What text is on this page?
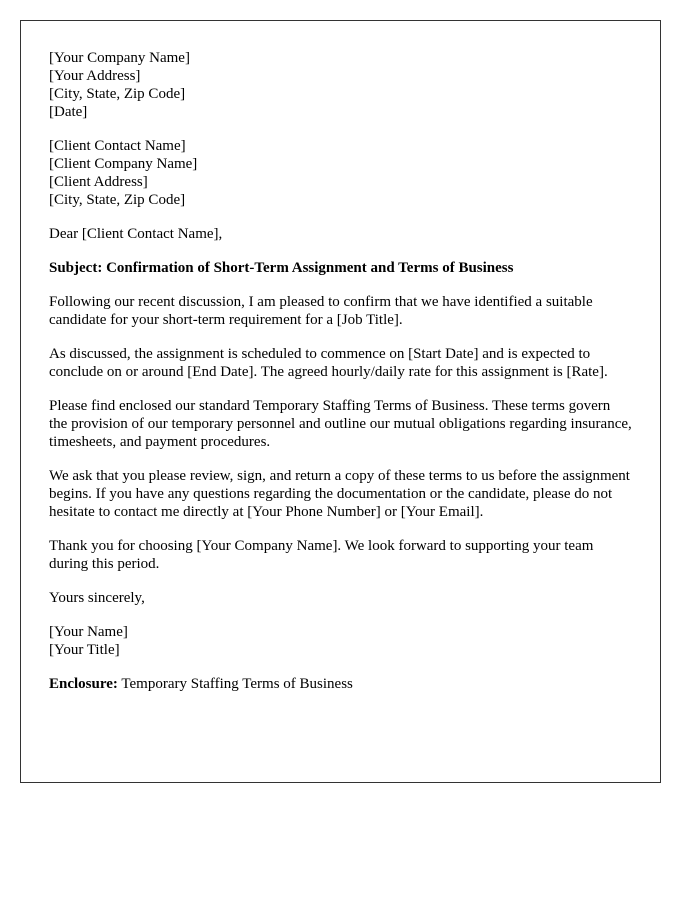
[Your Company Name]
[Your Address]
[City, State, Zip Code]
[Date]

[Client Contact Name]
[Client Company Name]
[Client Address]
[City, State, Zip Code]

Dear [Client Contact Name],

Subject: Confirmation of Short-Term Assignment and Terms of Business

Following our recent discussion, I am pleased to confirm that we have identified a suitable candidate for your short-term requirement for a [Job Title].

As discussed, the assignment is scheduled to commence on [Start Date] and is expected to conclude on or around [End Date]. The agreed hourly/daily rate for this assignment is [Rate].

Please find enclosed our standard Temporary Staffing Terms of Business. These terms govern the provision of our temporary personnel and outline our mutual obligations regarding insurance, timesheets, and payment procedures.

We ask that you please review, sign, and return a copy of these terms to us before the assignment begins. If you have any questions regarding the documentation or the candidate, please do not hesitate to contact me directly at [Your Phone Number] or [Your Email].

Thank you for choosing [Your Company Name]. We look forward to supporting your team during this period.

Yours sincerely,

[Your Name]
[Your Title]

Enclosure: Temporary Staffing Terms of Business
